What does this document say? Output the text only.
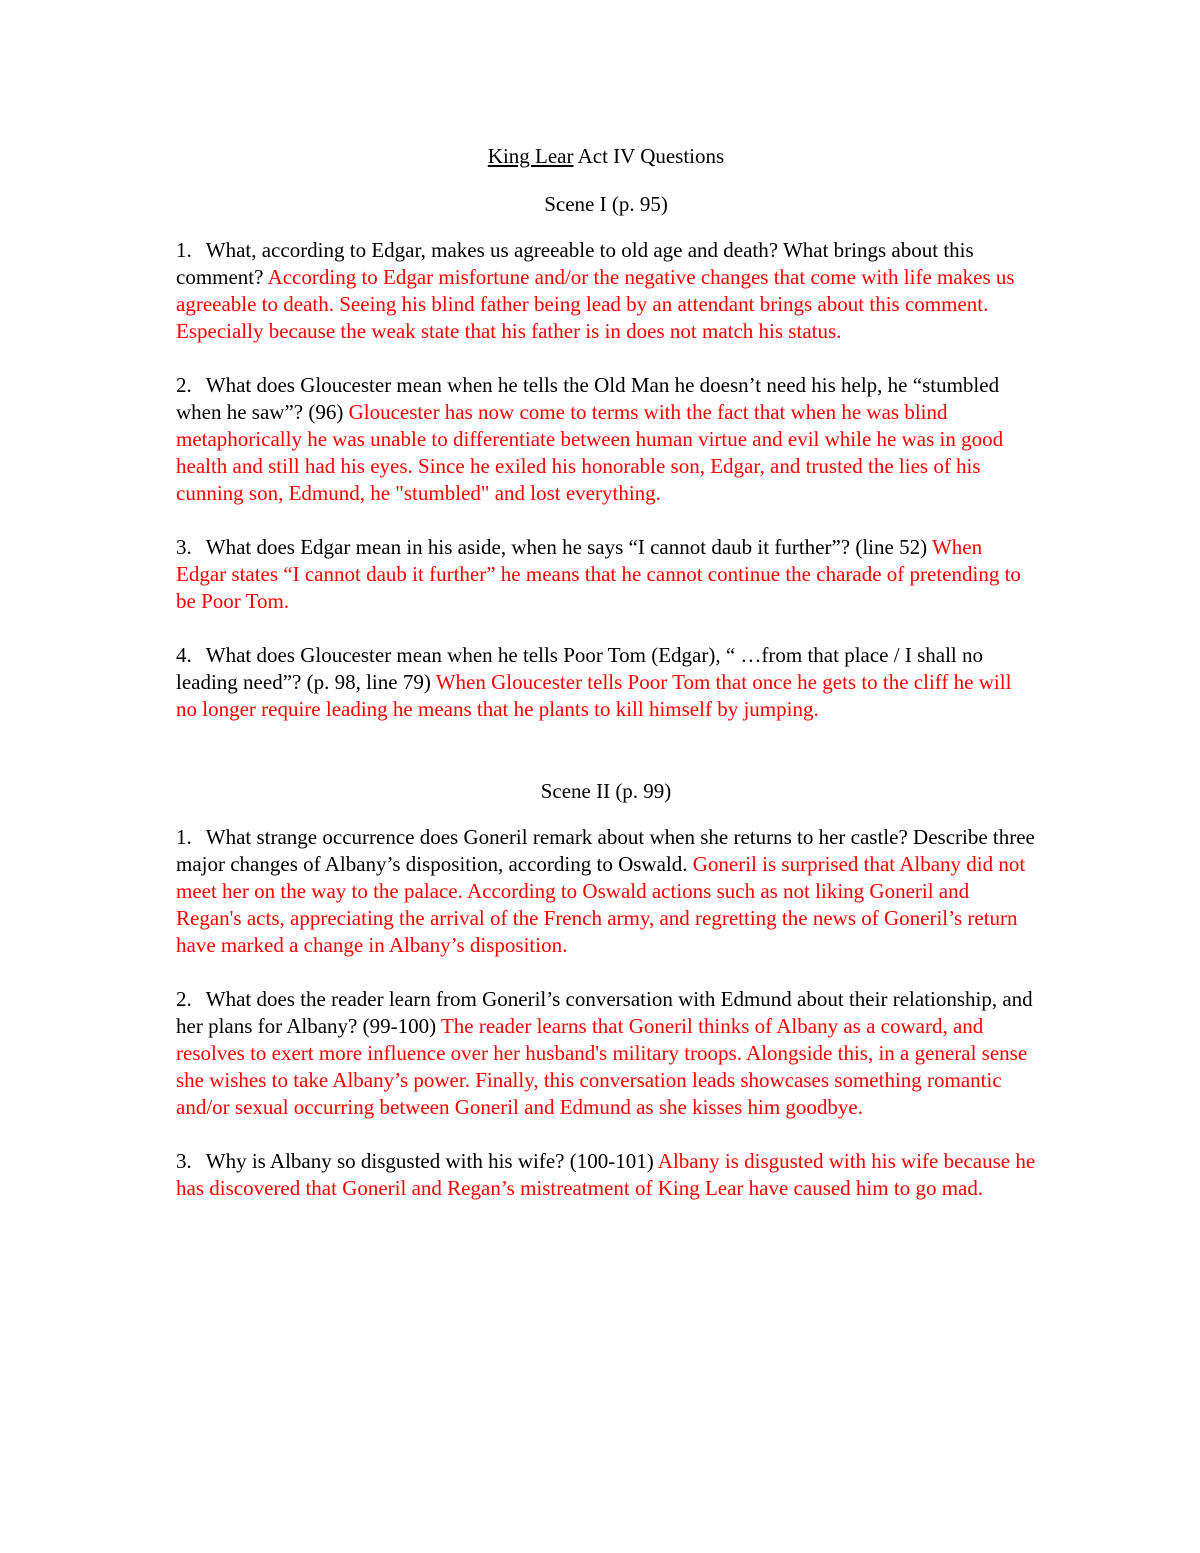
King Lear Act IV Questions

Scene I (p. 95)

1. What, according to Edgar, makes us agreeable to old age and death? What brings about this comment? According to Edgar misfortune and/or the negative changes that come with life makes us agreeable to death. Seeing his blind father being lead by an attendant brings about this comment. Especially because the weak state that his father is in does not match his status.

2. What does Gloucester mean when he tells the Old Man he doesn’t need his help, he “stumbled when he saw”? (96) Gloucester has now come to terms with the fact that when he was blind metaphorically he was unable to differentiate between human virtue and evil while he was in good health and still had his eyes. Since he exiled his honorable son, Edgar, and trusted the lies of his cunning son, Edmund, he "stumbled" and lost everything.

3. What does Edgar mean in his aside, when he says “I cannot daub it further”? (line 52) When Edgar states “I cannot daub it further” he means that he cannot continue the charade of pretending to be Poor Tom.

4. What does Gloucester mean when he tells Poor Tom (Edgar), “ …from that place / I shall no leading need”? (p. 98, line 79) When Gloucester tells Poor Tom that once he gets to the cliff he will no longer require leading he means that he plants to kill himself by jumping.

Scene II (p. 99)

1. What strange occurrence does Goneril remark about when she returns to her castle? Describe three major changes of Albany’s disposition, according to Oswald. Goneril is surprised that Albany did not meet her on the way to the palace. According to Oswald actions such as not liking Goneril and Regan's acts, appreciating the arrival of the French army, and regretting the news of Goneril’s return have marked a change in Albany’s disposition.

2. What does the reader learn from Goneril’s conversation with Edmund about their relationship, and her plans for Albany? (99-100) The reader learns that Goneril thinks of Albany as a coward, and resolves to exert more influence over her husband's military troops. Alongside this, in a general sense she wishes to take Albany’s power. Finally, this conversation leads showcases something romantic and/or sexual occurring between Goneril and Edmund as she kisses him goodbye.

3. Why is Albany so disgusted with his wife? (100-101) Albany is disgusted with his wife because he has discovered that Goneril and Regan’s mistreatment of King Lear have caused him to go mad.
